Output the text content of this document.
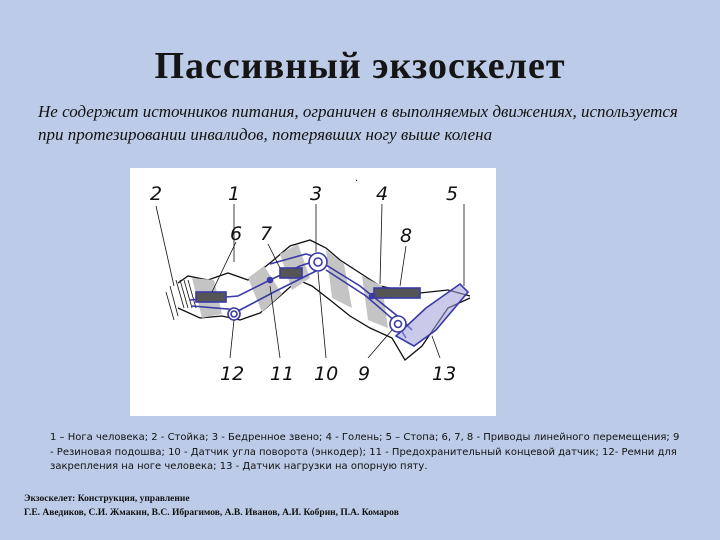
Пассивный экзоскелет
Не содержит источников питания, ограничен в выполняемых движениях, используется при протезировании инвалидов, потерявших ногу выше колена
2	1	3	4	5
6 7	8
12 11 10 9	13
·
1 – Нога человека; 2 - Стойка; 3 - Бедренное звено; 4 - Голень; 5 – Стопа; 6, 7, 8 - Приводы линейного перемещения; 9 - Резиновая подошва; 10 - Датчик угла поворота (энкодер); 11 - Предохранительный концевой датчик; 12- Ремни для закрепления на ноге человека; 13 - Датчик нагрузки на опорную пяту.
Экзоскелет: Конструкция, управление
Г.Е. Аведиков, С.И. Жмакин, В.С. Ибрагимов, А.В. Иванов, А.И. Кобрин, П.А. Комаров
